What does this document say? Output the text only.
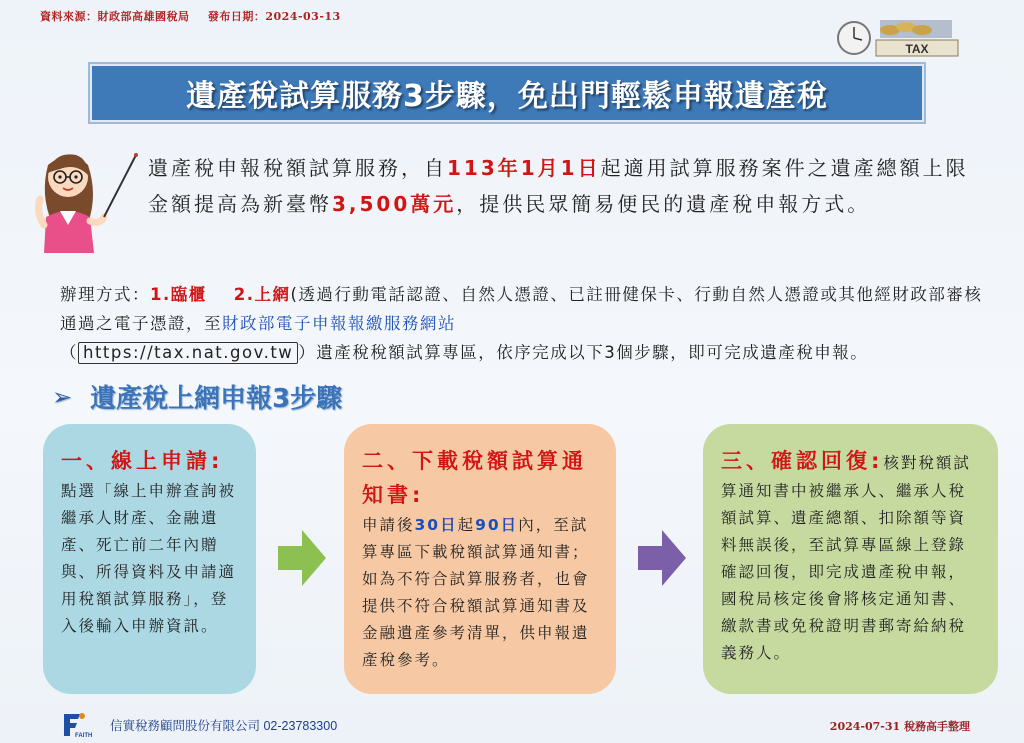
資料來源：財政部高雄國稅局 發布日期：2024-03-13
TAX
遺產稅試算服務3步驟，免出門輕鬆申報遺產稅
遺產稅申報稅額試算服務，自113年1月1日起適用試算服務案件之遺產總額上限金額提高為新臺幣3,500萬元，提供民眾簡易便民的遺產稅申報方式。
辦理方式：1.臨櫃 2.上網(透過行動電話認證、自然人憑證、已註冊健保卡、行動自然人憑證或其他經財政部審核通過之電子憑證，至財政部電子申報報繳服務網站
（ https://tax.nat.gov.tw ）遺產稅稅額試算專區，依序完成以下3個步驟，即可完成遺產稅申報。
➢ 遺產稅上網申報3步驟
一、線上申請:
點選「線上申辦查詢被繼承人財產、金融遺產、死亡前二年內贈與、所得資料及申請適用稅額試算服務」，登入後輸入申辦資訊。
二、下載稅額試算通知書:
申請後30日起90日內，至試算專區下載稅額試算通知書；如為不符合試算服務者，也會提供不符合稅額試算通知書及金融遺產參考清單，供申報遺產稅參考。
三、確認回復:核對稅額試算通知書中被繼承人、繼承人稅額試算、遺產總額、扣除額等資料無誤後，至試算專區線上登錄確認回復，即完成遺產稅申報，國稅局核定後會將核定通知書、繳款書或免稅證明書郵寄給納稅義務人。
FAITH
信實稅務顧問股份有限公司 02-23783300	2024-07-31 稅務高手整理
